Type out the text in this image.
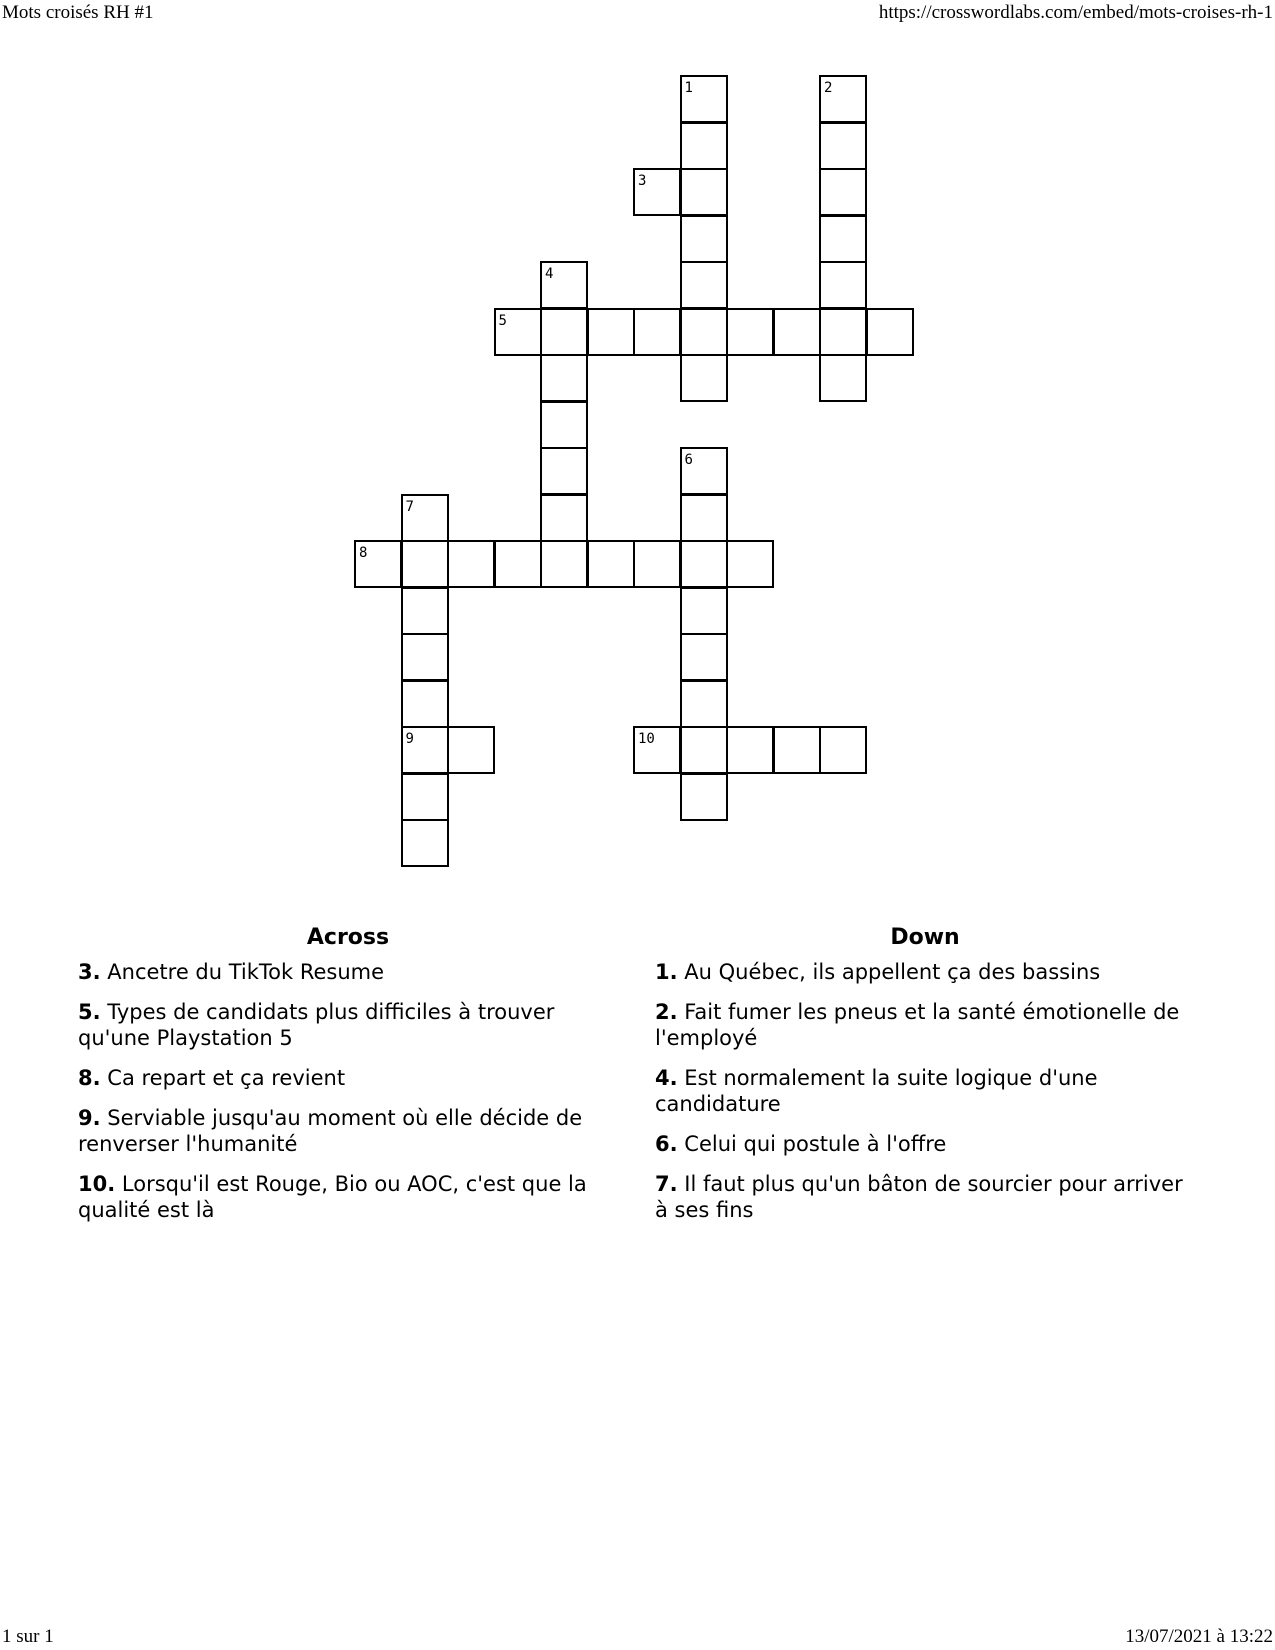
Mots croisés RH #1	https://crosswordlabs.com/embed/mots-croises-rh-1
1	2
3
4
5
6
7
8
9	10
Across
3. Ancetre du TikTok Resume
5. Types de candidats plus difficiles à trouver qu'une Playstation 5
8. Ca repart et ça revient
9. Serviable jusqu'au moment où elle décide de renverser l'humanité
10. Lorsqu'il est Rouge, Bio ou AOC, c'est que la qualité est là
Down
1. Au Québec, ils appellent ça des bassins
2. Fait fumer les pneus et la santé émotionelle de l'employé
4. Est normalement la suite logique d'une candidature
6. Celui qui postule à l'offre
7. Il faut plus qu'un bâton de sourcier pour arriver à ses fins
1 sur 1	13/07/2021 à 13:22
